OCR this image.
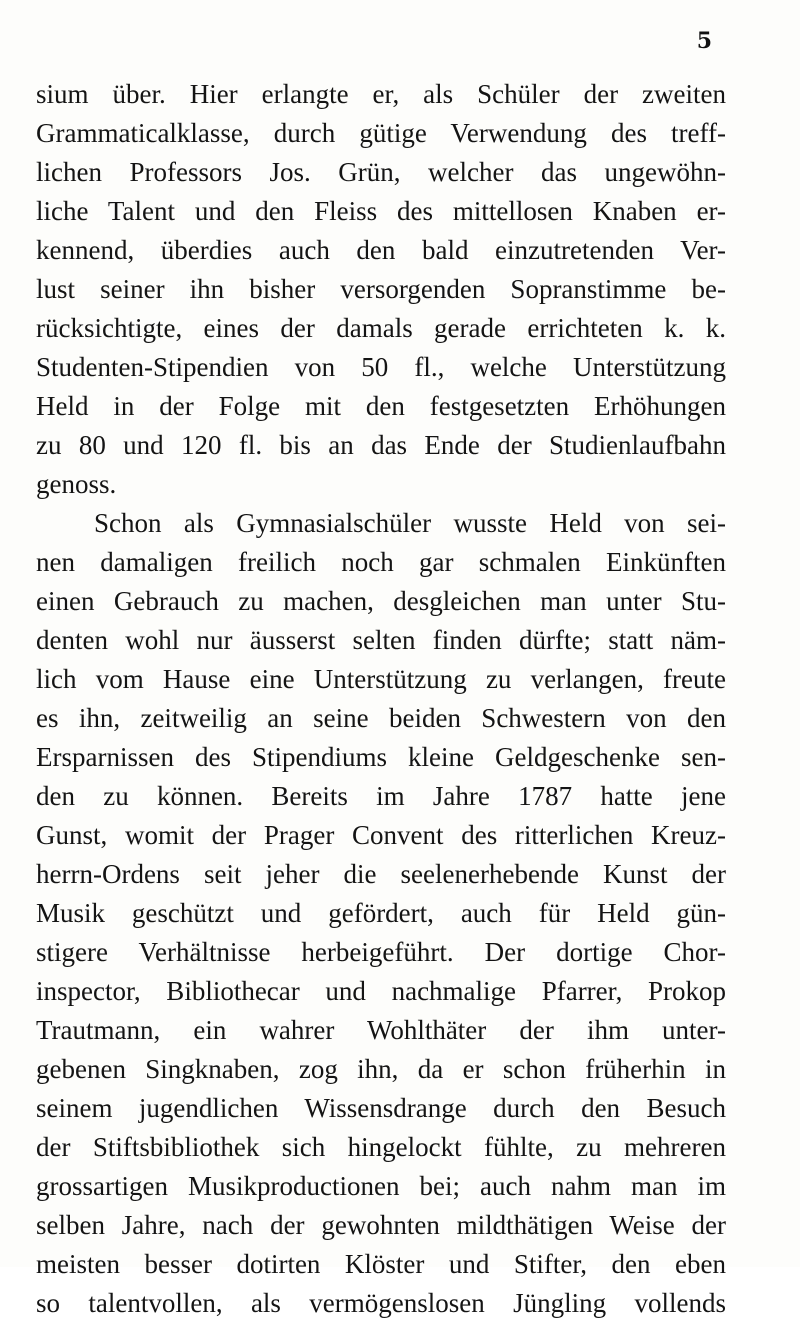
5
sium über. Hier erlangte er, als Schüler der zweiten
Grammaticalklasse, durch gütige Verwendung des treff-
lichen Professors Jos. Grün, welcher das ungewöhn-
liche Talent und den Fleiss des mittellosen Knaben er-
kennend, überdies auch den bald einzutretenden Ver-
lust seiner ihn bisher versorgenden Sopranstimme be-
rücksichtigte, eines der damals gerade errichteten k. k.
Studenten-Stipendien von 50 fl., welche Unterstützung
Held in der Folge mit den festgesetzten Erhöhungen
zu 80 und 120 fl. bis an das Ende der Studienlaufbahn
genoss.
Schon als Gymnasialschüler wusste Held von sei-
nen damaligen freilich noch gar schmalen Einkünften
einen Gebrauch zu machen, desgleichen man unter Stu-
denten wohl nur äusserst selten finden dürfte; statt näm-
lich vom Hause eine Unterstützung zu verlangen, freute
es ihn, zeitweilig an seine beiden Schwestern von den
Ersparnissen des Stipendiums kleine Geldgeschenke sen-
den zu können. Bereits im Jahre 1787 hatte jene
Gunst, womit der Prager Convent des ritterlichen Kreuz-
herrn-Ordens seit jeher die seelenerhebende Kunst der
Musik geschützt und gefördert, auch für Held gün-
stigere Verhältnisse herbeigeführt. Der dortige Chor-
inspector, Bibliothecar und nachmalige Pfarrer, Prokop
Trautmann, ein wahrer Wohlthäter der ihm unter-
gebenen Singknaben, zog ihn, da er schon früherhin in
seinem jugendlichen Wissensdrange durch den Besuch
der Stiftsbibliothek sich hingelockt fühlte, zu mehreren
grossartigen Musikproductionen bei; auch nahm man im
selben Jahre, nach der gewohnten mildthätigen Weise der
meisten besser dotirten Klöster und Stifter, den eben
so talentvollen, als vermögenslosen Jüngling vollends
